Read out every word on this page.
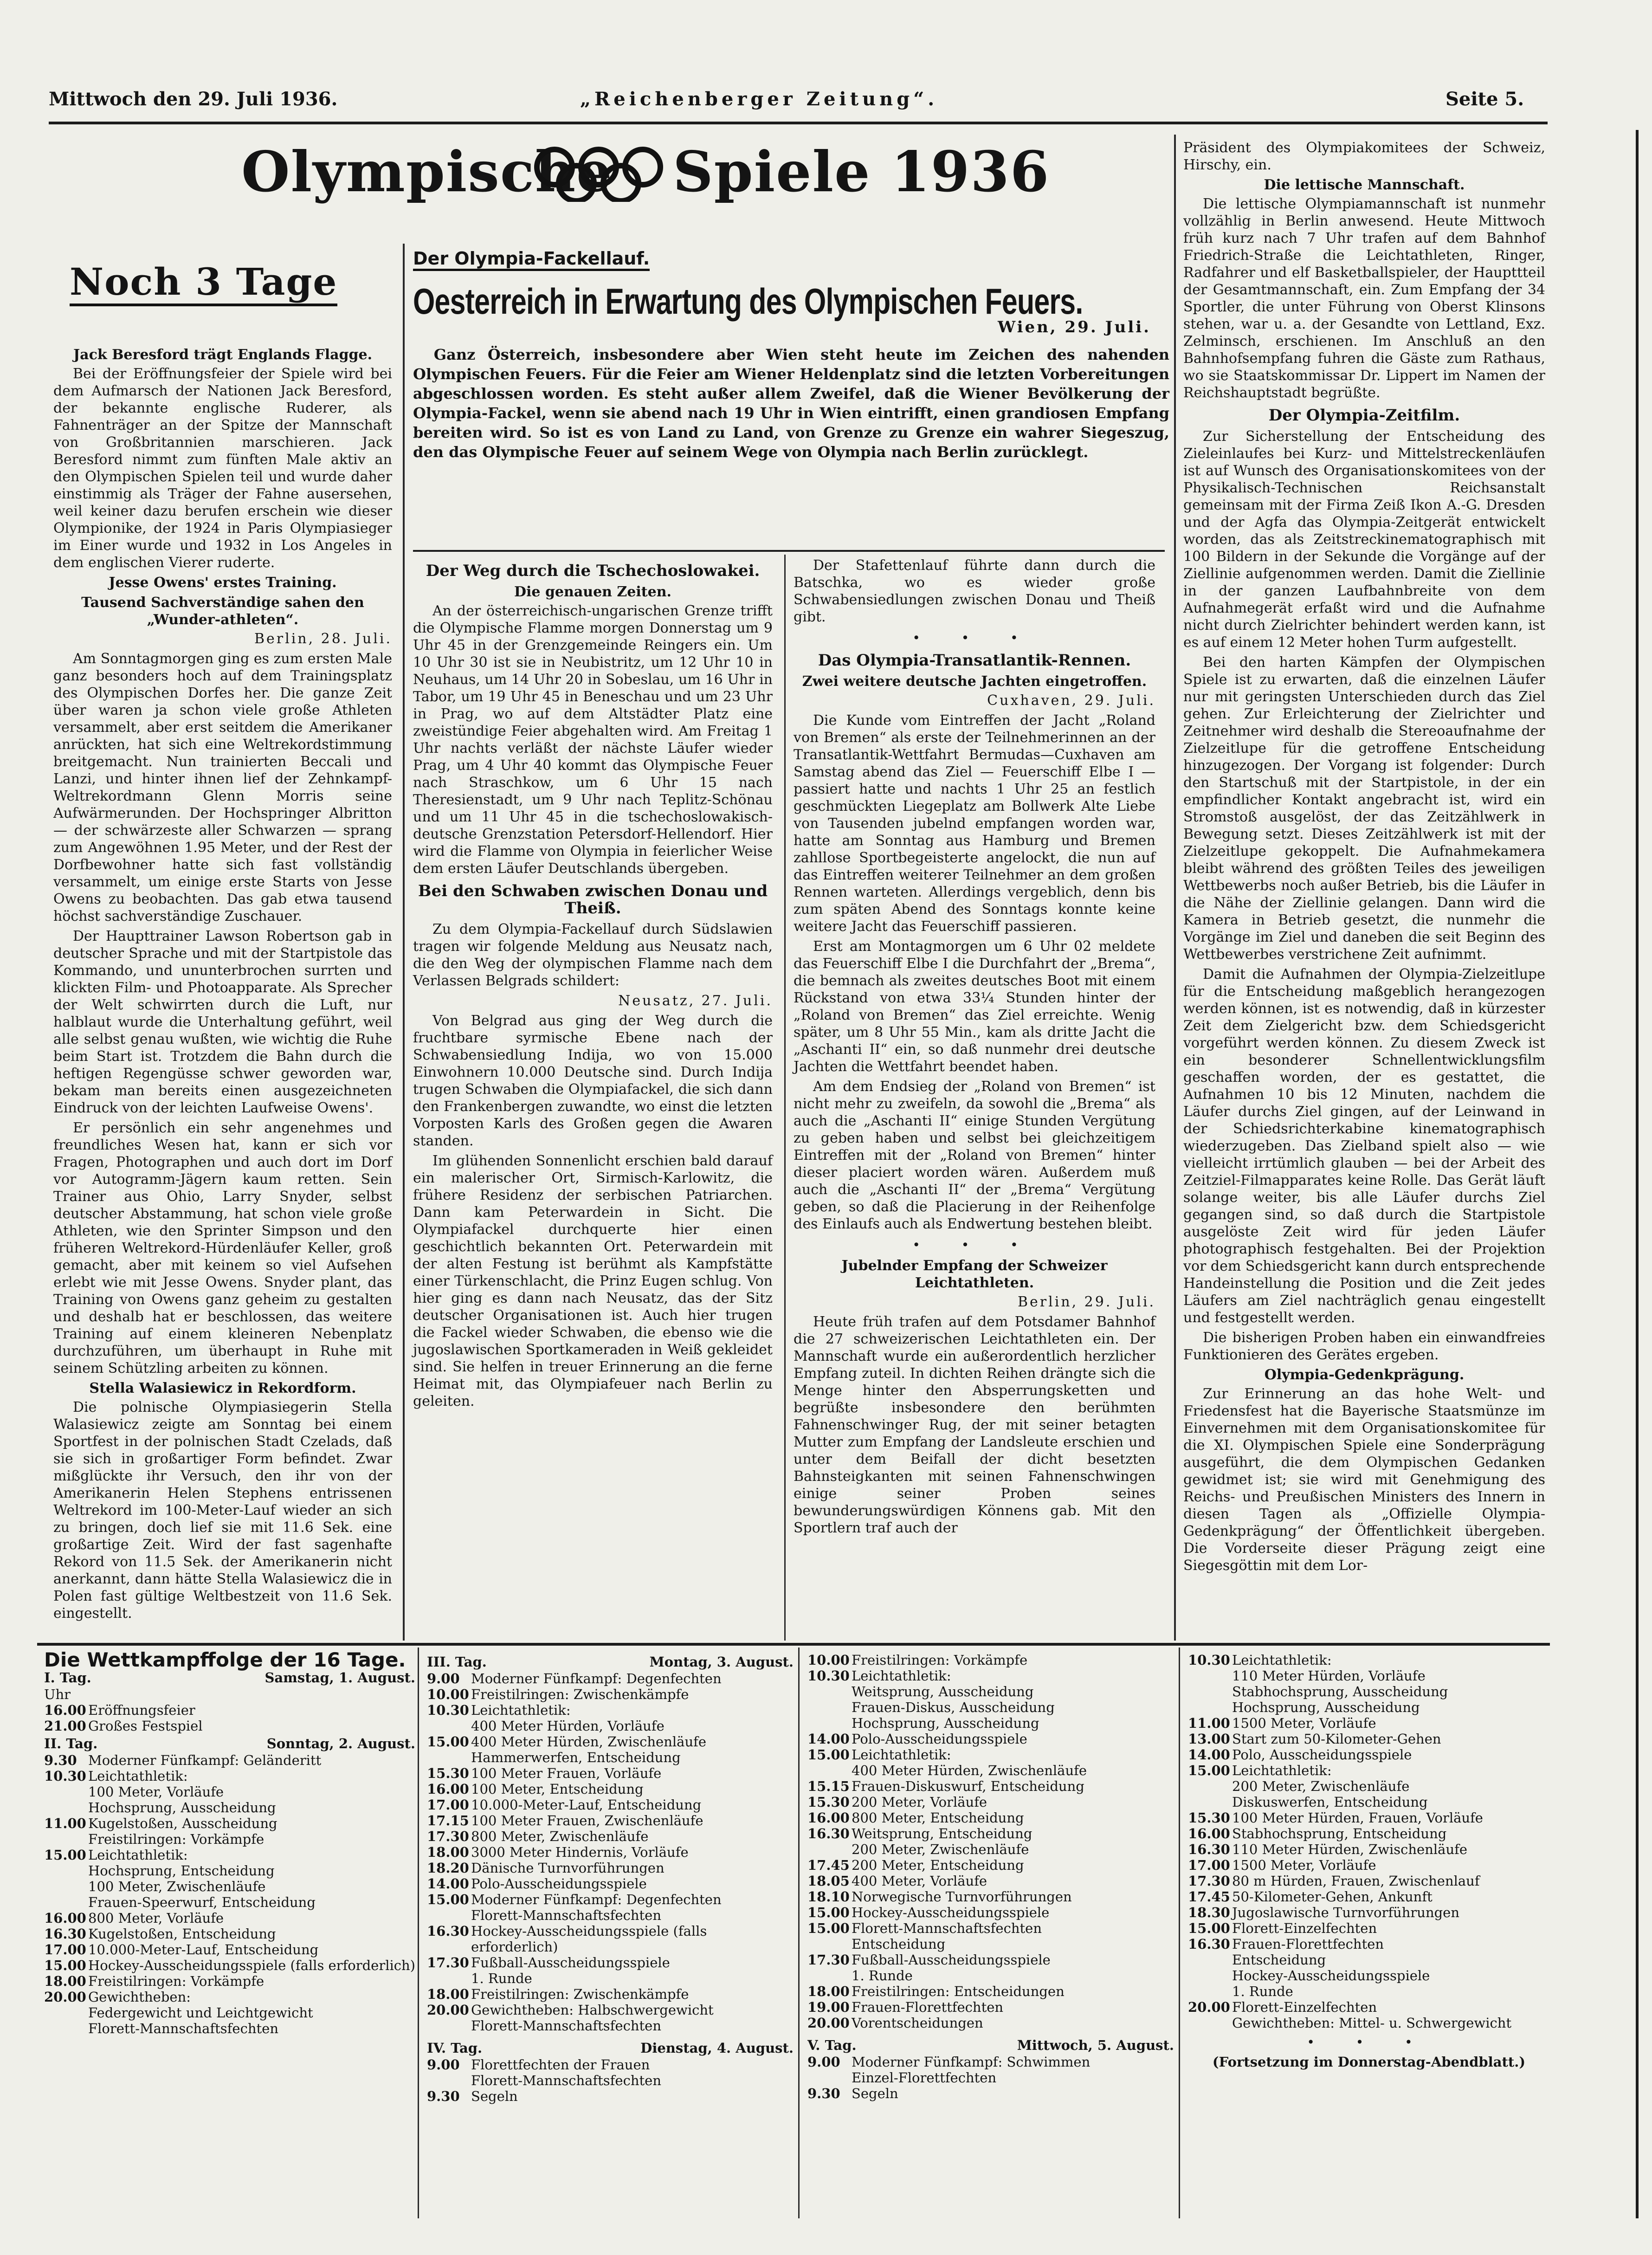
Mittwoch den 29. Juli 1936.	„Reichenberger Zeitung“.	Seite 5.
Olympische Spiele 1936
Noch 3 Tage
Jack Beresford trägt Englands Flagge.

Bei der Eröffnungsfeier der Spiele wird bei dem Aufmarsch der Nationen Jack Beresford, der bekannte englische Ruderer, als Fahnenträger an der Spitze der Mannschaft von Großbritannien marschieren. Jack Beresford nimmt zum fünften Male aktiv an den Olympischen Spielen teil und wurde daher einstimmig als Träger der Fahne ausersehen, weil keiner dazu berufen erschein wie dieser Olympionike, der 1924 in Paris Olympiasieger im Einer wurde und 1932 in Los Angeles in dem englischen Vierer ruderte.

Jesse Owens' erstes Training.
Tausend Sachverständige sahen den „Wunder-athleten“.

Berlin, 28. Juli.

Am Sonntagmorgen ging es zum ersten Male ganz besonders hoch auf dem Trainingsplatz des Olympischen Dorfes her. Die ganze Zeit über waren ja schon viele große Athleten versammelt, aber erst seitdem die Amerikaner anrückten, hat sich eine Weltrekordstimmung breitgemacht. Nun trainierten Beccali und Lanzi, und hinter ihnen lief der Zehnkampf-Weltrekordmann Glenn Morris seine Aufwärmerunden. Der Hochspringer Albritton — der schwärzeste aller Schwarzen — sprang zum Angewöhnen 1.95 Meter, und der Rest der Dorfbewohner hatte sich fast vollständig versammelt, um einige erste Starts von Jesse Owens zu beobachten. Das gab etwa tausend höchst sachverständige Zuschauer.

Der Haupttrainer Lawson Robertson gab in deutscher Sprache und mit der Startpistole das Kommando, und ununterbrochen surrten und klickten Film- und Photoapparate. Als Sprecher der Welt schwirrten durch die Luft, nur halblaut wurde die Unterhaltung geführt, weil alle selbst genau wußten, wie wichtig die Ruhe beim Start ist. Trotzdem die Bahn durch die heftigen Regengüsse schwer geworden war, bekam man bereits einen ausgezeichneten Eindruck von der leichten Laufweise Owens'.

Er persönlich ein sehr angenehmes und freundliches Wesen hat, kann er sich vor Fragen, Photographen und auch dort im Dorf vor Autogramm-Jägern kaum retten. Sein Trainer aus Ohio, Larry Snyder, selbst deutscher Abstammung, hat schon viele große Athleten, wie den Sprinter Simpson und den früheren Weltrekord-Hürdenläufer Keller, groß gemacht, aber mit keinem so viel Aufsehen erlebt wie mit Jesse Owens. Snyder plant, das Training von Owens ganz geheim zu gestalten und deshalb hat er beschlossen, das weitere Training auf einem kleineren Nebenplatz durchzuführen, um überhaupt in Ruhe mit seinem Schützling arbeiten zu können.

Stella Walasiewicz in Rekordform.

Die polnische Olympiasiegerin Stella Walasiewicz zeigte am Sonntag bei einem Sportfest in der polnischen Stadt Czelads, daß sie sich in großartiger Form befindet. Zwar mißglückte ihr Versuch, den ihr von der Amerikanerin Helen Stephens entrissenen Weltrekord im 100-Meter-Lauf wieder an sich zu bringen, doch lief sie mit 11.6 Sek. eine großartige Zeit. Wird der fast sagenhafte Rekord von 11.5 Sek. der Amerikanerin nicht anerkannt, dann hätte Stella Walasiewicz die in Polen fast gültige Weltbestzeit von 11.6 Sek. eingestellt.

Der Olympia-Fackellauf.
Oesterreich in Erwartung des Olympischen Feuers.
Wien, 29. Juli.
Ganz Österreich, insbesondere aber Wien steht heute im Zeichen des nahenden Olympischen Feuers. Für die Feier am Wiener Heldenplatz sind die letzten Vorbereitungen abgeschlossen worden. Es steht außer allem Zweifel, daß die Wiener Bevölkerung der Olympia-Fackel, wenn sie abend nach 19 Uhr in Wien eintrifft, einen grandiosen Empfang bereiten wird. So ist es von Land zu Land, von Grenze zu Grenze ein wahrer Siegeszug, den das Olympische Feuer auf seinem Wege von Olympia nach Berlin zurücklegt.
Der Weg durch die Tschechoslowakei.
Die genauen Zeiten.

An der österreichisch-ungarischen Grenze trifft die Olympische Flamme morgen Donnerstag um 9 Uhr 45 in der Grenzgemeinde Reingers ein. Um 10 Uhr 30 ist sie in Neubistritz, um 12 Uhr 10 in Neuhaus, um 14 Uhr 20 in Sobeslau, um 16 Uhr in Tabor, um 19 Uhr 45 in Beneschau und um 23 Uhr in Prag, wo auf dem Altstädter Platz eine zweistündige Feier abgehalten wird. Am Freitag 1 Uhr nachts verläßt der nächste Läufer wieder Prag, um 4 Uhr 40 kommt das Olympische Feuer nach Straschkow, um 6 Uhr 15 nach Theresienstadt, um 9 Uhr nach Teplitz-Schönau und um 11 Uhr 45 in die tschechoslowakisch-deutsche Grenzstation Petersdorf-Hellendorf. Hier wird die Flamme von Olympia in feierlicher Weise dem ersten Läufer Deutschlands übergeben.

Bei den Schwaben zwischen Donau und Theiß.

Zu dem Olympia-Fackellauf durch Südslawien tragen wir folgende Meldung aus Neusatz nach, die den Weg der olympischen Flamme nach dem Verlassen Belgrads schildert:

Neusatz, 27. Juli.

Von Belgrad aus ging der Weg durch die fruchtbare syrmische Ebene nach der Schwabensiedlung Indija, wo von 15.000 Einwohnern 10.000 Deutsche sind. Durch Indija trugen Schwaben die Olympiafackel, die sich dann den Frankenbergen zuwandte, wo einst die letzten Vorposten Karls des Großen gegen die Awaren standen.

Im glühenden Sonnenlicht erschien bald darauf ein malerischer Ort, Sirmisch-Karlowitz, die frühere Residenz der serbischen Patriarchen. Dann kam Peterwardein in Sicht. Die Olympiafackel durchquerte hier einen geschichtlich bekannten Ort. Peterwardein mit der alten Festung ist berühmt als Kampfstätte einer Türkenschlacht, die Prinz Eugen schlug. Von hier ging es dann nach Neusatz, das der Sitz deutscher Organisationen ist. Auch hier trugen die Fackel wieder Schwaben, die ebenso wie die jugoslawischen Sportkameraden in Weiß gekleidet sind. Sie helfen in treuer Erinnerung an die ferne Heimat mit, das Olympiafeuer nach Berlin zu geleiten.

Der Stafettenlauf führte dann durch die Batschka, wo es wieder große Schwabensiedlungen zwischen Donau und Theiß gibt.

• • •
Das Olympia-Transatlantik-Rennen.
Zwei weitere deutsche Jachten eingetroffen.

Cuxhaven, 29. Juli.

Die Kunde vom Eintreffen der Jacht „Roland von Bremen“ als erste der Teilnehmerinnen an der Transatlantik-Wettfahrt Bermudas—Cuxhaven am Samstag abend das Ziel — Feuerschiff Elbe I — passiert hatte und nachts 1 Uhr 25 an festlich geschmückten Liegeplatz am Bollwerk Alte Liebe von Tausenden jubelnd empfangen worden war, hatte am Sonntag aus Hamburg und Bremen zahllose Sportbegeisterte angelockt, die nun auf das Eintreffen weiterer Teilnehmer an dem großen Rennen warteten. Allerdings vergeblich, denn bis zum späten Abend des Sonntags konnte keine weitere Jacht das Feuerschiff passieren.

Erst am Montagmorgen um 6 Uhr 02 meldete das Feuerschiff Elbe I die Durchfahrt der „Brema“, die bemnach als zweites deutsches Boot mit einem Rückstand von etwa 33¼ Stunden hinter der „Roland von Bremen“ das Ziel erreichte. Wenig später, um 8 Uhr 55 Min., kam als dritte Jacht die „Aschanti II“ ein, so daß nunmehr drei deutsche Jachten die Wettfahrt beendet haben.

Am dem Endsieg der „Roland von Bremen“ ist nicht mehr zu zweifeln, da sowohl die „Brema“ als auch die „Aschanti II“ einige Stunden Vergütung zu geben haben und selbst bei gleichzeitigem Eintreffen mit der „Roland von Bremen“ hinter dieser placiert worden wären. Außerdem muß auch die „Aschanti II“ der „Brema“ Vergütung geben, so daß die Placierung in der Reihenfolge des Einlaufs auch als Endwertung bestehen bleibt.

• • •
Jubelnder Empfang der Schweizer Leichtathleten.

Berlin, 29. Juli.

Heute früh trafen auf dem Potsdamer Bahnhof die 27 schweizerischen Leichtathleten ein. Der Mannschaft wurde ein außerordentlich herzlicher Empfang zuteil. In dichten Reihen drängte sich die Menge hinter den Absperrungsketten und begrüßte insbesondere den berühmten Fahnenschwinger Rug, der mit seiner betagten Mutter zum Empfang der Landsleute erschien und unter dem Beifall der dicht besetzten Bahnsteigkanten mit seinen Fahnenschwingen einige seiner Proben seines bewunderungswürdigen Könnens gab. Mit den Sportlern traf auch der

Präsident des Olympiakomitees der Schweiz, Hirschy, ein.

Die lettische Mannschaft.

Die lettische Olympiamannschaft ist nunmehr vollzählig in Berlin anwesend. Heute Mittwoch früh kurz nach 7 Uhr trafen auf dem Bahnhof Friedrich-Straße die Leichtathleten, Ringer, Radfahrer und elf Basketballspieler, der Haupttteil der Gesamtmannschaft, ein. Zum Empfang der 34 Sportler, die unter Führung von Oberst Klinsons stehen, war u. a. der Gesandte von Lettland, Exz. Zelminsch, erschienen. Im Anschluß an den Bahnhofsempfang fuhren die Gäste zum Rathaus, wo sie Staatskommissar Dr. Lippert im Namen der Reichshauptstadt begrüßte.

Der Olympia-Zeitfilm.

Zur Sicherstellung der Entscheidung des Zieleinlaufes bei Kurz- und Mittelstreckenläufen ist auf Wunsch des Organisationskomitees von der Physikalisch-Technischen Reichsanstalt gemeinsam mit der Firma Zeiß Ikon A.-G. Dresden und der Agfa das Olympia-Zeitgerät entwickelt worden, das als Zeitstreckinematographisch mit 100 Bildern in der Sekunde die Vorgänge auf der Ziellinie aufgenommen werden. Damit die Ziellinie in der ganzen Laufbahnbreite von dem Aufnahmegerät erfaßt wird und die Aufnahme nicht durch Zielrichter behindert werden kann, ist es auf einem 12 Meter hohen Turm aufgestellt.

Bei den harten Kämpfen der Olympischen Spiele ist zu erwarten, daß die einzelnen Läufer nur mit geringsten Unterschieden durch das Ziel gehen. Zur Erleichterung der Zielrichter und Zeitnehmer wird deshalb die Stereoaufnahme der Zielzeitlupe für die getroffene Entscheidung hinzugezogen. Der Vorgang ist folgender: Durch den Startschuß mit der Startpistole, in der ein empfindlicher Kontakt angebracht ist, wird ein Stromstoß ausgelöst, der das Zeitzählwerk in Bewegung setzt. Dieses Zeitzählwerk ist mit der Zielzeitlupe gekoppelt. Die Aufnahmekamera bleibt während des größten Teiles des jeweiligen Wettbewerbs noch außer Betrieb, bis die Läufer in die Nähe der Ziellinie gelangen. Dann wird die Kamera in Betrieb gesetzt, die nunmehr die Vorgänge im Ziel und daneben die seit Beginn des Wettbewerbes verstrichene Zeit aufnimmt.

Damit die Aufnahmen der Olympia-Zielzeitlupe für die Entscheidung maßgeblich herangezogen werden können, ist es notwendig, daß in kürzester Zeit dem Zielgericht bzw. dem Schiedsgericht vorgeführt werden können. Zu diesem Zweck ist ein besonderer Schnellentwicklungsfilm geschaffen worden, der es gestattet, die Aufnahmen 10 bis 12 Minuten, nachdem die Läufer durchs Ziel gingen, auf der Leinwand in der Schiedsrichterkabine kinematographisch wiederzugeben. Das Zielband spielt also — wie vielleicht irrtümlich glauben — bei der Arbeit des Zeitziel-Filmapparates keine Rolle. Das Gerät läuft solange weiter, bis alle Läufer durchs Ziel gegangen sind, so daß durch die Startpistole ausgelöste Zeit wird für jeden Läufer photographisch festgehalten. Bei der Projektion vor dem Schiedsgericht kann durch entsprechende Handeinstellung die Position und die Zeit jedes Läufers am Ziel nachträglich genau eingestellt und festgestellt werden.

Die bisherigen Proben haben ein einwandfreies Funktionieren des Gerätes ergeben.

Olympia-Gedenkprägung.

Zur Erinnerung an das hohe Welt- und Friedensfest hat die Bayerische Staatsmünze im Einvernehmen mit dem Organisationskomitee für die XI. Olympischen Spiele eine Sonderprägung ausgeführt, die dem Olympischen Gedanken gewidmet ist; sie wird mit Genehmigung des Reichs- und Preußischen Ministers des Innern in diesen Tagen als „Offizielle Olympia-Gedenkprägung“ der Öffentlichkeit übergeben. Die Vorderseite dieser Prägung zeigt eine Siegesgöttin mit dem Lor-

Die Wettkampffolge der 16 Tage.
I. Tag.	Samstag, 1. August.
Uhr
16.00 Eröffnungsfeier
21.00 Großes Festspiel
II. Tag.	Sonntag, 2. August.
9.30 Moderner Fünfkampf: Geländeritt
10.30 Leichtathletik:
100 Meter, Vorläufe
Hochsprung, Ausscheidung
11.00 Kugelstoßen, Ausscheidung
Freistilringen: Vorkämpfe
15.00 Leichtathletik:
Hochsprung, Entscheidung
100 Meter, Zwischenläufe
Frauen-Speerwurf, Entscheidung
16.00 800 Meter, Vorläufe
16.30 Kugelstoßen, Entscheidung
17.00 10.000-Meter-Lauf, Entscheidung
15.00 Hockey-Ausscheidungsspiele (falls erforderlich)
18.00 Freistilringen: Vorkämpfe
20.00 Gewichtheben:
Federgewicht und Leichtgewicht
Florett-Mannschaftsfechten
III. Tag.	Montag, 3. August.
9.00 Moderner Fünfkampf: Degenfechten
10.00 Freistilringen: Zwischenkämpfe
10.30 Leichtathletik:
400 Meter Hürden, Vorläufe
15.00 400 Meter Hürden, Zwischenläufe
Hammerwerfen, Entscheidung
15.30 100 Meter Frauen, Vorläufe
16.00 100 Meter, Entscheidung
17.00 10.000-Meter-Lauf, Entscheidung
17.15 100 Meter Frauen, Zwischenläufe
17.30 800 Meter, Zwischenläufe
18.00 3000 Meter Hindernis, Vorläufe
18.20 Dänische Turnvorführungen
14.00 Polo-Ausscheidungsspiele
15.00 Moderner Fünfkampf: Degenfechten
Florett-Mannschaftsfechten
16.30 Hockey-Ausscheidungsspiele (falls erforderlich)
17.30 Fußball-Ausscheidungsspiele
1. Runde
18.00 Freistilringen: Zwischenkämpfe
20.00 Gewichtheben: Halbschwergewicht
Florett-Mannschaftsfechten
IV. Tag.	Dienstag, 4. August.
9.00 Florettfechten der Frauen
Florett-Mannschaftsfechten
9.30 Segeln
10.00 Freistilringen: Vorkämpfe
10.30 Leichtathletik:
Weitsprung, Ausscheidung
Frauen-Diskus, Ausscheidung
Hochsprung, Ausscheidung
14.00 Polo-Ausscheidungsspiele
15.00 Leichtathletik:
400 Meter Hürden, Zwischenläufe
15.15 Frauen-Diskuswurf, Entscheidung
15.30 200 Meter, Vorläufe
16.00 800 Meter, Entscheidung
16.30 Weitsprung, Entscheidung
200 Meter, Zwischenläufe
17.45 200 Meter, Entscheidung
18.05 400 Meter, Vorläufe
18.10 Norwegische Turnvorführungen
15.00 Hockey-Ausscheidungsspiele
15.00 Florett-Mannschaftsfechten
Entscheidung
17.30 Fußball-Ausscheidungsspiele
1. Runde
18.00 Freistilringen: Entscheidungen
19.00 Frauen-Florettfechten
20.00 Vorentscheidungen
V. Tag.	Mittwoch, 5. August.
9.00 Moderner Fünfkampf: Schwimmen
Einzel-Florettfechten
9.30 Segeln
10.30 Leichtathletik:
110 Meter Hürden, Vorläufe
Stabhochsprung, Ausscheidung
Hochsprung, Ausscheidung
11.00 1500 Meter, Vorläufe
13.00 Start zum 50-Kilometer-Gehen
14.00 Polo, Ausscheidungsspiele
15.00 Leichtathletik:
200 Meter, Zwischenläufe
Diskuswerfen, Entscheidung
15.30 100 Meter Hürden, Frauen, Vorläufe
16.00 Stabhochsprung, Entscheidung
16.30 110 Meter Hürden, Zwischenläufe
17.00 1500 Meter, Vorläufe
17.30 80 m Hürden, Frauen, Zwischenlauf
17.45 50-Kilometer-Gehen, Ankunft
18.30 Jugoslawische Turnvorführungen
15.00 Florett-Einzelfechten
16.30 Frauen-Florettfechten
Entscheidung
Hockey-Ausscheidungsspiele
1. Runde
20.00 Florett-Einzelfechten
Gewichtheben: Mittel- u. Schwergewicht
• • •
(Fortsetzung im Donnerstag-Abendblatt.)
